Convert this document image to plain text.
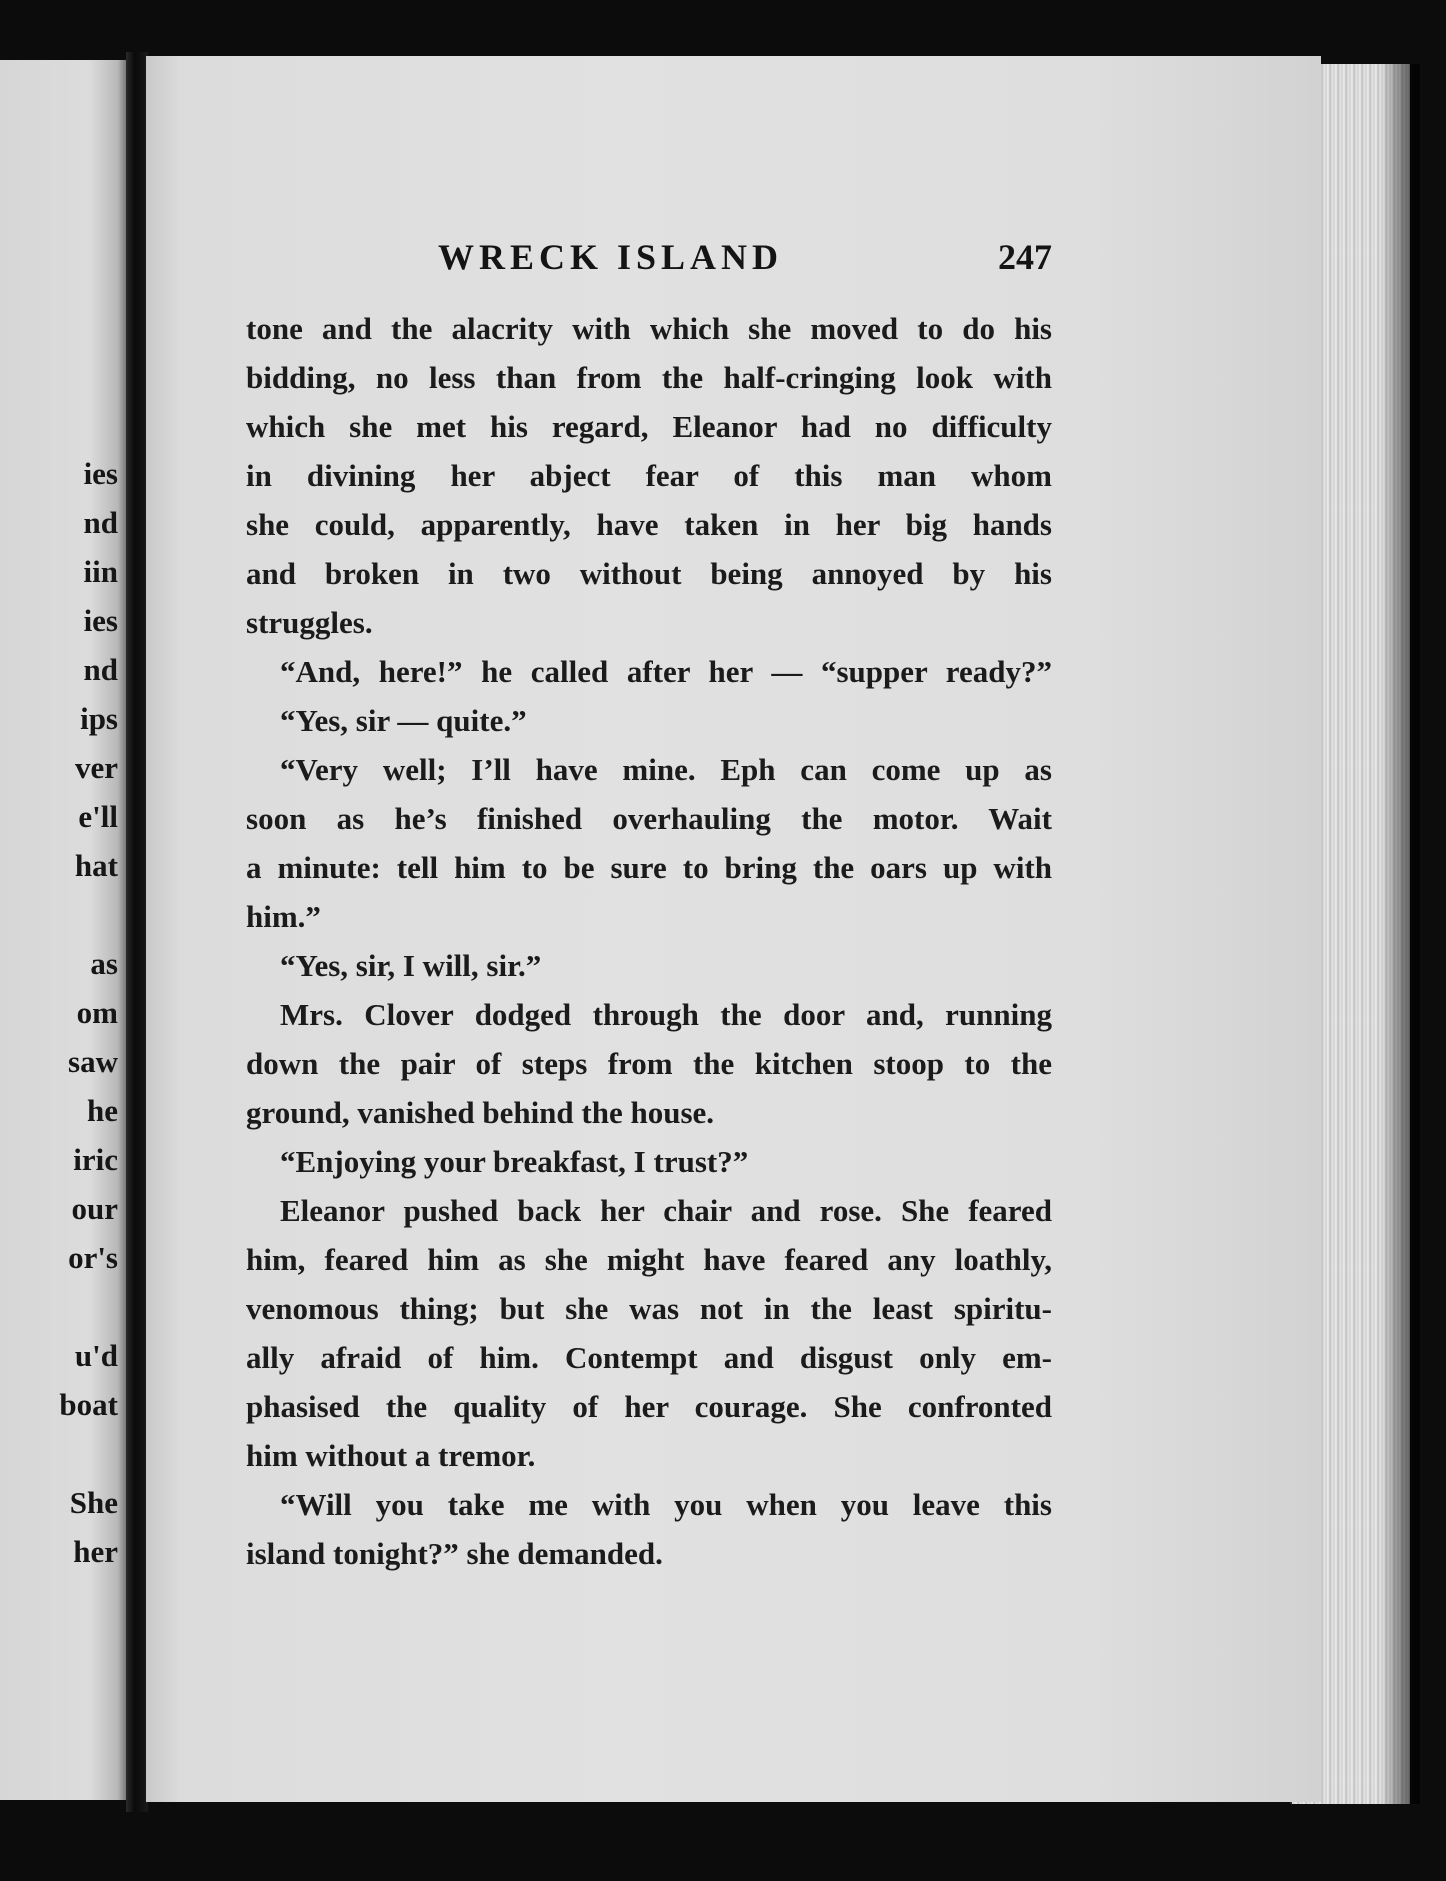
ies
nd
iin
ies
nd
ips
ver
e'll
hat
as
om
saw
he
iric
our
or's
u'd
boat
She
her
WRECK ISLAND	247
tone and the alacrity with which she moved to do his
bidding, no less than from the half-cringing look with
which she met his regard, Eleanor had no difficulty
in divining her abject fear of this man whom
she could, apparently, have taken in her big hands
and broken in two without being annoyed by his
struggles.
“And, here!” he called after her — “supper ready?”
“Yes, sir — quite.”
“Very well; I’ll have mine. Eph can come up as
soon as he’s finished overhauling the motor. Wait
a minute: tell him to be sure to bring the oars up with
him.”
“Yes, sir, I will, sir.”
Mrs. Clover dodged through the door and, running
down the pair of steps from the kitchen stoop to the
ground, vanished behind the house.
“Enjoying your breakfast, I trust?”
Eleanor pushed back her chair and rose. She feared
him, feared him as she might have feared any loathly,
venomous thing; but she was not in the least spiritu-
ally afraid of him. Contempt and disgust only em-
phasised the quality of her courage. She confronted
him without a tremor.
“Will you take me with you when you leave this
island tonight?” she demanded.
